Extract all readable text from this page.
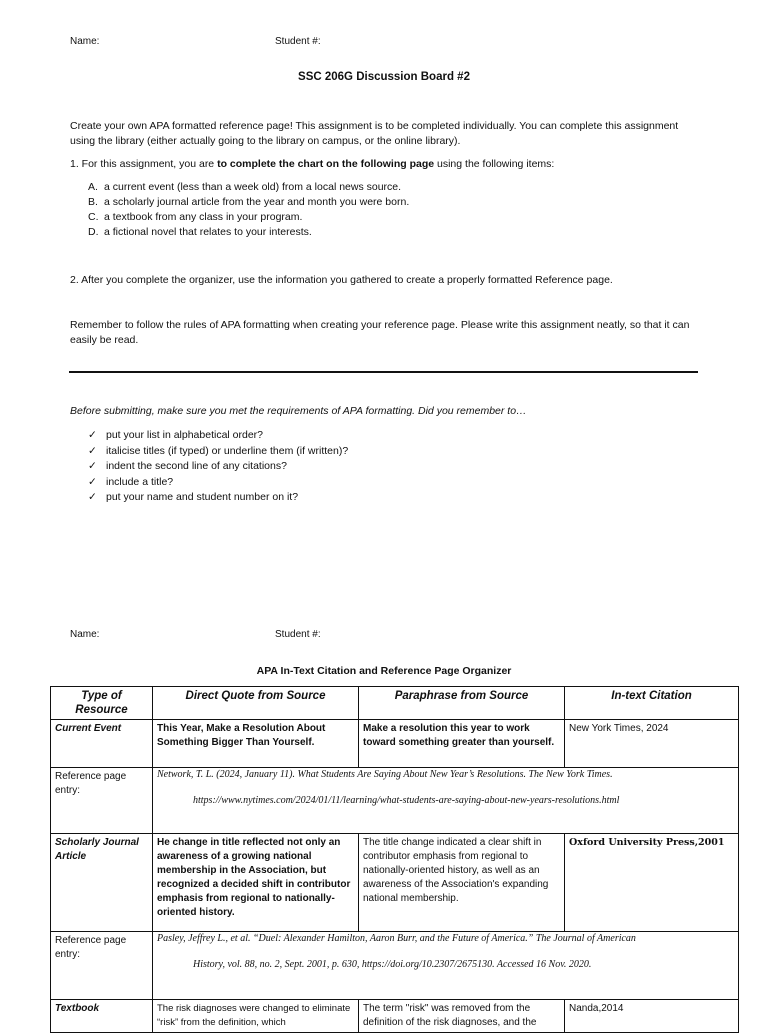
Name:	Student #:
SSC 206G Discussion Board #2
Create your own APA formatted reference page! This assignment is to be completed individually. You can complete this assignment using the library (either actually going to the library on campus, or the online library).
1. For this assignment, you are to complete the chart on the following page using the following items:
A. a current event (less than a week old) from a local news source.
B. a scholarly journal article from the year and month you were born.
C. a textbook from any class in your program.
D. a fictional novel that relates to your interests.
2. After you complete the organizer, use the information you gathered to create a properly formatted Reference page.
Remember to follow the rules of APA formatting when creating your reference page. Please write this assignment neatly, so that it can easily be read.
Before submitting, make sure you met the requirements of APA formatting. Did you remember to…
✓ put your list in alphabetical order?
✓ italicise titles (if typed) or underline them (if written)?
✓ indent the second line of any citations?
✓ include a title?
✓ put your name and student number on it?
Name:	Student #:
APA In-Text Citation and Reference Page Organizer
Type of Resource	Direct Quote from Source	Paraphrase from Source	In-text Citation
Current Event	This Year, Make a Resolution About Something Bigger Than Yourself.	Make a resolution this year to work toward something greater than yourself.	New York Times, 2024
Reference page entry:	Network, T. L. (2024, January 11). What Students Are Saying About New Year’s Resolutions. The New York Times.
https://www.nytimes.com/2024/01/11/learning/what-students-are-saying-about-new-years-resolutions.html		

Scholarly Journal Article	He change in title reflected not only an awareness of a growing national membership in the Association, but recognized a decided shift in contributor emphasis from regional to nationally-oriented history.	The title change indicated a clear shift in contributor emphasis from regional to nationally-oriented history, as well as an awareness of the Association's expanding national membership.	Oxford University Press,2001
Reference page entry:	Pasley, Jeffrey L., et al. “Duel: Alexander Hamilton, Aaron Burr, and the Future of America.” The Journal of American
History, vol. 88, no. 2, Sept. 2001, p. 630, https://doi.org/10.2307/2675130. Accessed 16 Nov. 2020.		

Textbook	The risk diagnoses were changed to eliminate “risk” from the definition, which	The term "risk" was removed from the definition of the risk diagnoses, and the	Nanda,2014
